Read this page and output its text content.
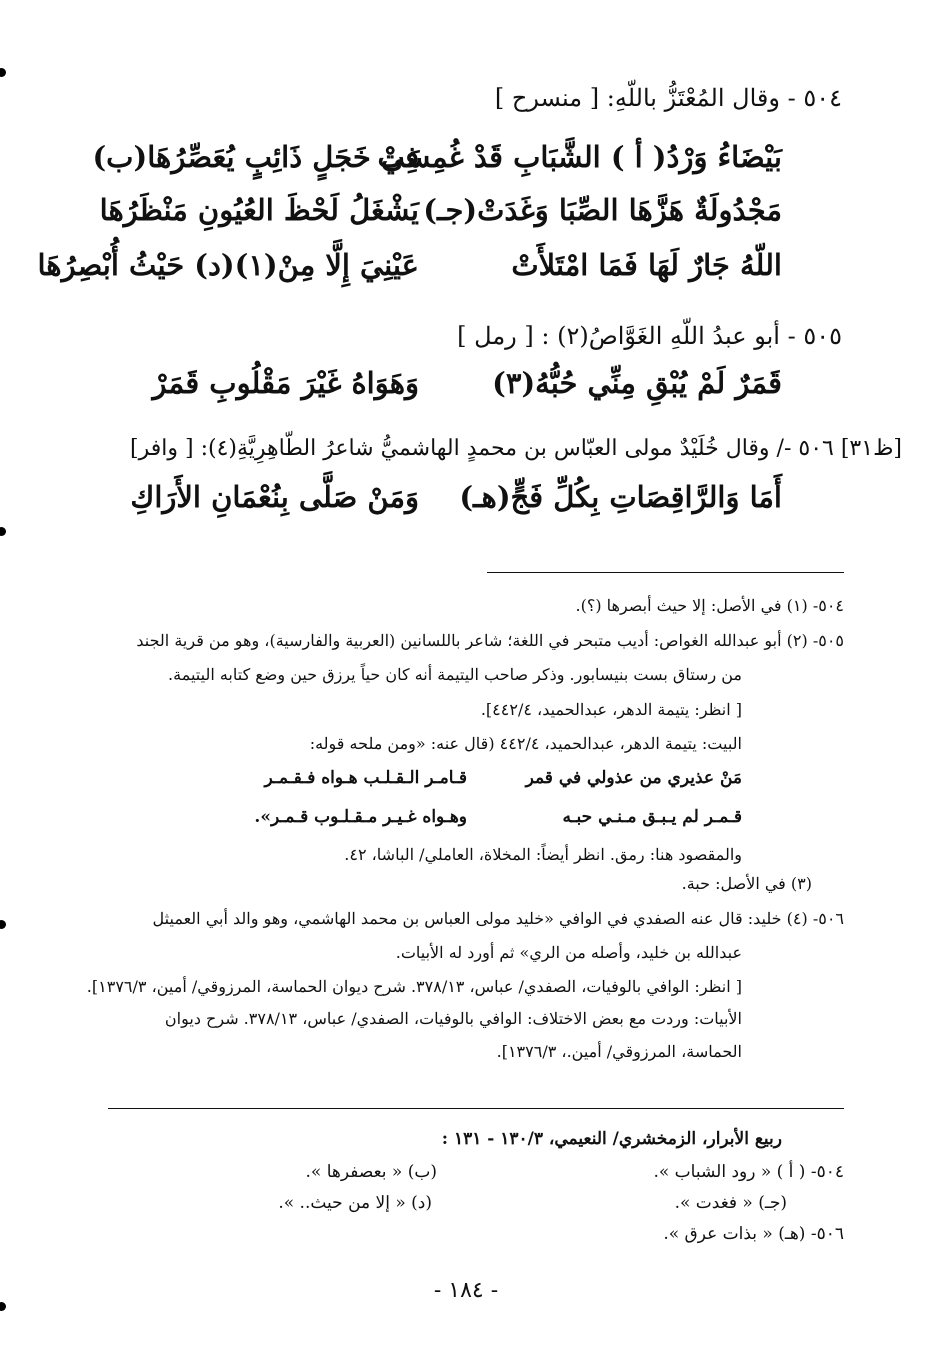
٥٠٤ - وقال المُعْتَزُّ باللّهِ: [ منسرح ]
بَيْضَاءُ وَرْدُ( أ ) الشَّبَابِ قَدْ غُمِسَتْ
فِي خَجَلٍ ذَائِبٍ يُعَصِّرُهَا(ب)
مَجْدُولَةٌ هَزَّهَا الصِّبَا وَغَدَتْ(جـ)
يَشْغَلُ لَحْظَ العُيُونِ مَنْظَرُهَا
اللّهُ جَارٌ لَهَا فَمَا امْتَلأَتْ
عَيْنِيَ إِلَّا مِنْ(١)(د) حَيْثُ أُبْصِرُهَا
٥٠٥ - أبو عبدُ اللّهِ الغَوَّاصُ(٢) : [ رمل ]
قَمَرٌ لَمْ يُبْقِ مِنِّي حُبُّهُ(٣)
وَهَوَاهُ غَيْرَ مَقْلُوبِ قَمَرْ
[ظ٣١] ٥٠٦ -/ وقال خُلَيْدٌ مولى العبّاس بن محمدٍ الهاشميُّ شاعرُ الطّاهِرِيَّةِ(٤): [ وافر]
أَمَا وَالرَّاقِصَاتِ بِكُلِّ فَجٍّ(هـ)
وَمَنْ صَلَّى بِنُعْمَانِ الأَرَاكِ
٥٠٤- (١) في الأصل: إلا حيث أبصرها (؟).
٥٠٥- (٢) أبو عبدالله الغواص: أديب متبحر في اللغة؛ شاعر باللسانين (العربية والفارسية)، وهو من قرية الجند
من رستاق بست بنيسابور. وذكر صاحب اليتيمة أنه كان حياً يرزق حين وضع كتابه اليتيمة.
[ انظر: يتيمة الدهر، عبدالحميد، ٤٤٢/٤].
البيت: يتيمة الدهر، عبدالحميد، ٤٤٢/٤ (قال عنه: «ومن ملحه قوله:
مَنْ عذيري من عذولي في قمر
قـامـر الـقـلـب هـواه فـقـمـر
قـمـر لم يـبـق مـنـي حبـه
وهـواه غـيـر مـقـلـوب قـمـر».
والمقصود هنا: رمق. انظر أيضاً: المخلاة، العاملي/ الباشا، ٤٢.
(٣) في الأصل: حبة.
٥٠٦- (٤) خليد: قال عنه الصفدي في الوافي «خليد مولى العباس بن محمد الهاشمي، وهو والد أبي العميثل
عبدالله بن خليد، وأصله من الري» ثم أورد له الأبيات.
[ انظر: الوافي بالوفيات، الصفدي/ عباس، ٣٧٨/١٣. شرح ديوان الحماسة، المرزوقي/ أمين، ١٣٧٦/٣].
الأبيات: وردت مع بعض الاختلاف: الوافي بالوفيات، الصفدي/ عباس، ٣٧٨/١٣. شرح ديوان
الحماسة، المرزوقي/ أمين.، ١٣٧٦/٣].
ربيع الأبرار، الزمخشري/ النعيمي، ١٣٠/٣ - ١٣١ :
٥٠٤- ( أ ) « رود الشباب ».
(ب) « بعصفرها ».
(جـ) « فغدت ».
(د) « إلا من حيث.. ».
٥٠٦- (هـ) « بذات عرق ».
- ١٨٤ -
